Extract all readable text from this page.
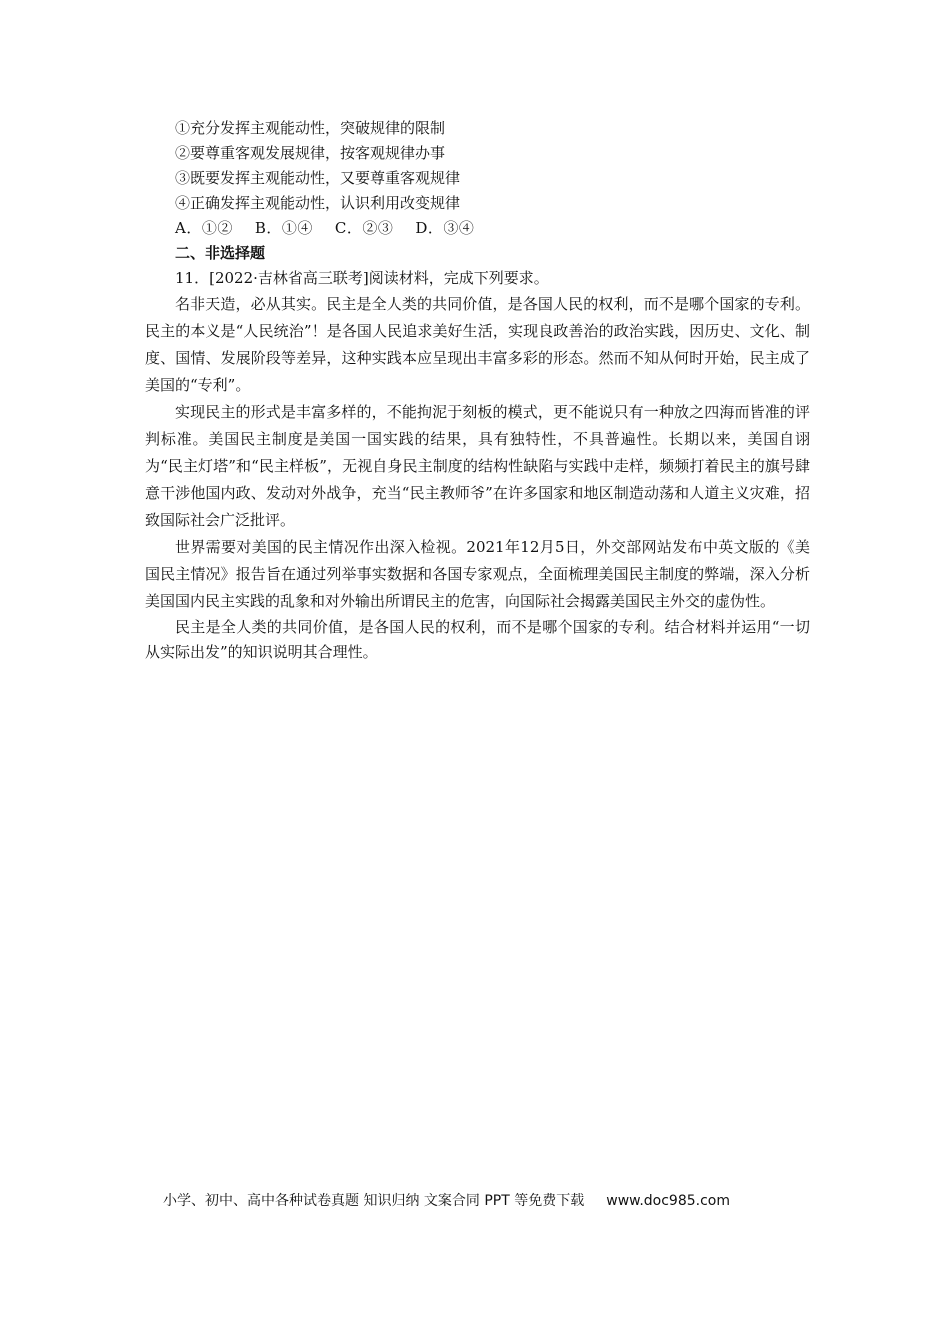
①充分发挥主观能动性，突破规律的限制

②要尊重客观发展规律，按客观规律办事

③既要发挥主观能动性，又要尊重客观规律

④正确发挥主观能动性，认识利用改变规律

A．①② B．①④ C．②③ D．③④

二、非选择题

11．[2022·吉林省高三联考]阅读材料，完成下列要求。

名非天造，必从其实。民主是全人类的共同价值，是各国人民的权利，而不是哪个国家的专利。民主的本义是“人民统治”！是各国人民追求美好生活，实现良政善治的政治实践，因历史、文化、制度、国情、发展阶段等差异，这种实践本应呈现出丰富多彩的形态。然而不知从何时开始，民主成了美国的“专利”。

实现民主的形式是丰富多样的，不能拘泥于刻板的模式，更不能说只有一种放之四海而皆准的评判标准。美国民主制度是美国一国实践的结果，具有独特性，不具普遍性。长期以来，美国自诩为“民主灯塔”和“民主样板”，无视自身民主制度的结构性缺陷与实践中走样，频频打着民主的旗号肆意干涉他国内政、发动对外战争，充当“民主教师爷”在许多国家和地区制造动荡和人道主义灾难，招致国际社会广泛批评。

世界需要对美国的民主情况作出深入检视。2021年12月5日，外交部网站发布中英文版的《美国民主情况》报告旨在通过列举事实数据和各国专家观点，全面梳理美国民主制度的弊端，深入分析美国国内民主实践的乱象和对外输出所谓民主的危害，向国际社会揭露美国民主外交的虚伪性。

民主是全人类的共同价值，是各国人民的权利，而不是哪个国家的专利。结合材料并运用“一切从实际出发”的知识说明其合理性。

小学、初中、高中各种试卷真题 知识归纳 文案合同 PPT 等免费下载 www.doc985.com
